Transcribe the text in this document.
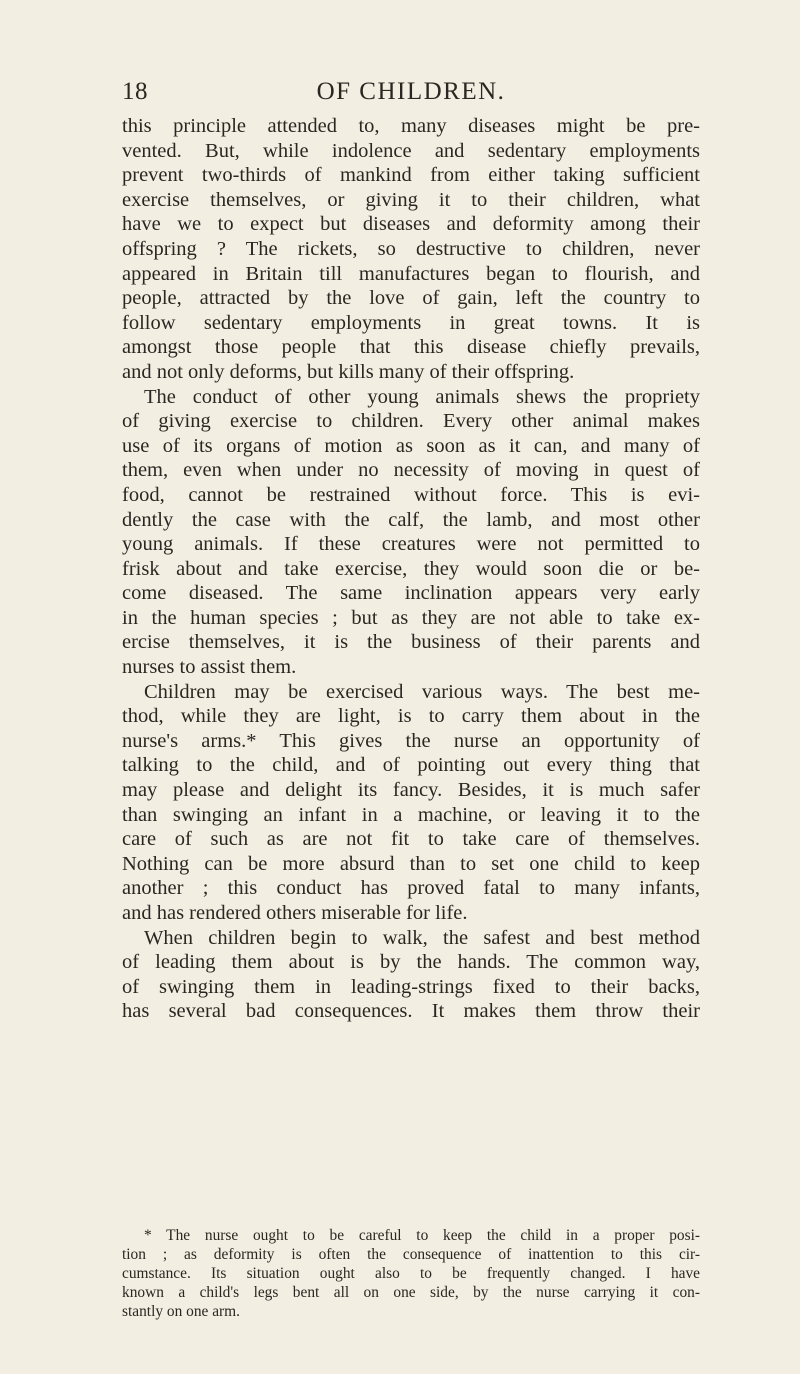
18	OF CHILDREN.
this principle attended to, many diseases might be pre-
vented. But, while indolence and sedentary employments
prevent two-thirds of mankind from either taking sufficient
exercise themselves, or giving it to their children, what
have we to expect but diseases and deformity among their
offspring ? The rickets, so destructive to children, never
appeared in Britain till manufactures began to flourish, and
people, attracted by the love of gain, left the country to
follow sedentary employments in great towns. It is
amongst those people that this disease chiefly prevails,
and not only deforms, but kills many of their offspring.
The conduct of other young animals shews the propriety
of giving exercise to children. Every other animal makes
use of its organs of motion as soon as it can, and many of
them, even when under no necessity of moving in quest of
food, cannot be restrained without force. This is evi-
dently the case with the calf, the lamb, and most other
young animals. If these creatures were not permitted to
frisk about and take exercise, they would soon die or be-
come diseased. The same inclination appears very early
in the human species ; but as they are not able to take ex-
ercise themselves, it is the business of their parents and
nurses to assist them.
Children may be exercised various ways. The best me-
thod, while they are light, is to carry them about in the
nurse's arms.* This gives the nurse an opportunity of
talking to the child, and of pointing out every thing that
may please and delight its fancy. Besides, it is much safer
than swinging an infant in a machine, or leaving it to the
care of such as are not fit to take care of themselves.
Nothing can be more absurd than to set one child to keep
another ; this conduct has proved fatal to many infants,
and has rendered others miserable for life.
When children begin to walk, the safest and best method
of leading them about is by the hands. The common way,
of swinging them in leading-strings fixed to their backs,
has several bad consequences. It makes them throw their
* The nurse ought to be careful to keep the child in a proper posi-
tion ; as deformity is often the consequence of inattention to this cir-
cumstance. Its situation ought also to be frequently changed. I have
known a child's legs bent all on one side, by the nurse carrying it con-
stantly on one arm.
